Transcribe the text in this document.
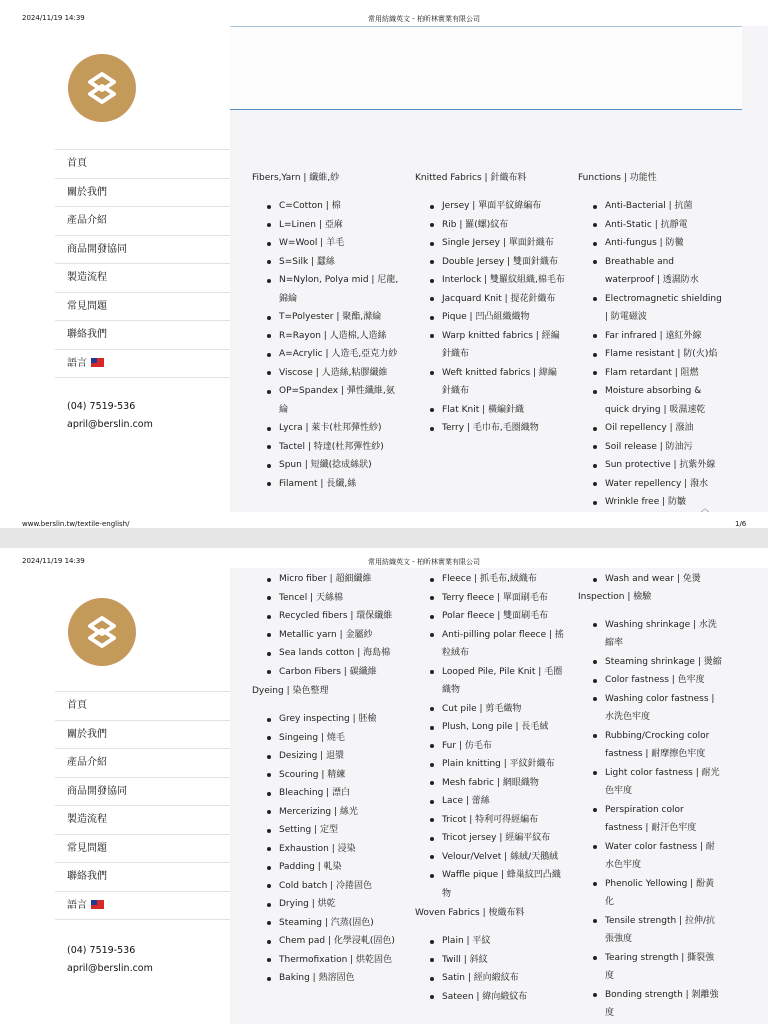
2024/11/19 14:39	常用紡織英文 - 柏昕林實業有限公司
首頁
關於我們
產品介紹
商品開發協同
製造流程
常見問題
聯絡我們
語言
(04) 7519-536
april@berslin.com
Fibers,Yarn | 纖維,紗
C=Cotton | 棉
L=Linen | 亞麻
W=Wool | 羊毛
S=Silk | 蠶絲
N=Nylon, Polya mid | 尼龍,錦綸
T=Polyester | 聚酯,滌綸
R=Rayon | 人造棉,人造絲
A=Acrylic | 人造毛,亞克力紗
Viscose | 人造絲,粘膠纖維
OP=Spandex | 彈性纖維,氨綸
Lycra | 萊卡(杜邦彈性紗)
Tactel | 特達(杜邦彈性紗)
Spun | 短纖(捻成絲狀)
Filament | 長纖,絲
Knitted Fabrics | 針織布料
Jersey | 單面平紋緯編布
Rib | 羅(螺)紋布
Single Jersey | 單面針織布
Double Jersey | 雙面針織布
Interlock | 雙羅紋組織,棉毛布
Jacquard Knit | 提花針織布
Pique | 凹凸組織織物
Warp knitted fabrics | 經編針織布
Weft knitted fabrics | 緯編針織布
Flat Knit | 橫編針織
Terry | 毛巾布,毛圈織物
Functions | 功能性
Anti-Bacterial | 抗菌
Anti-Static | 抗靜電
Anti-fungus | 防黴
Breathable and waterproof | 透濕防水
Electromagnetic shielding | 防電磁波
Far infrared | 遠紅外線
Flame resistant | 防(火)焰
Flam retardant | 阻燃
Moisture absorbing & quick drying | 吸濕速乾
Oil repellency | 潑油
Soil release | 防油污
Sun protective | 抗紫外線
Water repellency | 潑水
Wrinkle free | 防皺
︿
www.berslin.tw/textile-english/	1/6
2024/11/19 14:39	常用紡織英文 - 柏昕林實業有限公司
首頁
關於我們
產品介紹
商品開發協同
製造流程
常見問題
聯絡我們
語言
(04) 7519-536
april@berslin.com
Micro fiber | 超細纖維
Tencel | 天絲棉
Recycled fibers | 環保纖維
Metallic yarn | 金屬紗
Sea lands cotton | 海島棉
Carbon Fibers | 碳纖維
Dyeing | 染色整理
Grey inspecting | 胚檢
Singeing | 燒毛
Desizing | 退漿
Scouring | 精練
Bleaching | 漂白
Mercerizing | 絲光
Setting | 定型
Exhaustion | 浸染
Padding | 軋染
Cold batch | 冷捲固色
Drying | 烘乾
Steaming | 汽蒸(固色)
Chem pad | 化學浸軋(固色)
Thermofixation | 烘乾固色
Baking | 熱溶固色
Fleece | 抓毛布,絨織布
Terry fleece | 單面刷毛布
Polar fleece | 雙面刷毛布
Anti-pilling polar fleece | 搖粒絨布
Looped Pile, Pile Knit | 毛圈織物
Cut pile | 剪毛織物
Plush, Long pile | 長毛絨
Fur | 仿毛布
Plain knitting | 平紋針織布
Mesh fabric | 網眼織物
Lace | 蕾絲
Tricot | 特利可得經編布
Tricot jersey | 經編平紋布
Velour/Velvet | 絲絨/天鵝絨
Waffle pique | 蜂巢紋凹凸織物
Woven Fabrics | 梭織布料
Plain | 平紋
Twill | 斜紋
Satin | 經向緞紋布
Sateen | 緯向緞紋布
Wash and wear | 免燙
Inspection | 檢驗
Washing shrinkage | 水洗縮率
Steaming shrinkage | 燙縮
Color fastness | 色牢度
Washing color fastness | 水洗色牢度
Rubbing/Crocking color fastness | 耐摩擦色牢度
Light color fastness | 耐光色牢度
Perspiration color fastness | 耐汗色牢度
Water color fastness | 耐水色牢度
Phenolic Yellowing | 酚黃化
Tensile strength | 拉伸/抗張強度
Tearing strength | 撕裂強度
Bonding strength | 剝離強度
